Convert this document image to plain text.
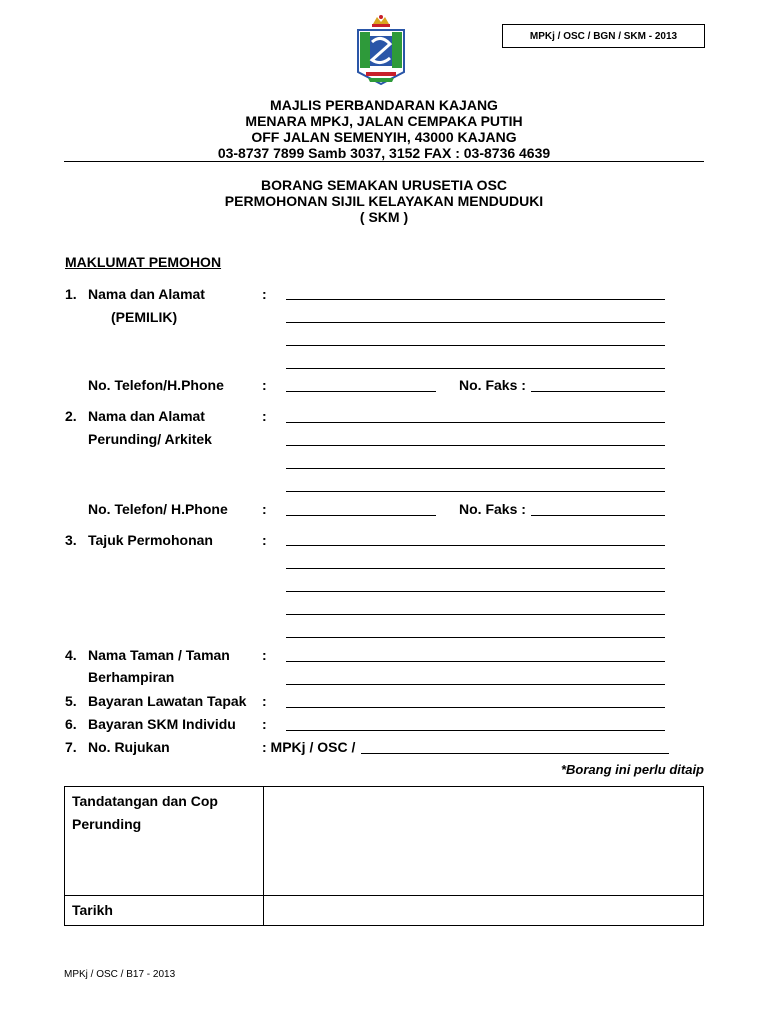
MPKj / OSC / BGN / SKM - 2013
MAJLIS PERBANDARAN KAJANG
MENARA MPKJ, JALAN CEMPAKA PUTIH
OFF JALAN SEMENYIH, 43000 KAJANG
03-8737 7899 Samb 3037, 3152 FAX : 03-8736 4639
BORANG SEMAKAN URUSETIA OSC
PERMOHONAN SIJIL KELAYAKAN MENDUDUKI
( SKM )
MAKLUMAT PEMOHON
1. Nama dan Alamat
(PEMILIK)
:
No. Telefon/H.Phone	:	No. Faks :
2. Nama dan Alamat
Perunding/ Arkitek
:
No. Telefon/ H.Phone :	No. Faks :
3. Tajuk Permohonan	:
4. Nama Taman / Taman
Berhampiran
:
5. Bayaran Lawatan Tapak :
6. Bayaran SKM Individu :
7. No. Rujukan	: MPKj / OSC /
*Borang ini perlu ditaip
Tandatangan dan Cop
Perunding
Tarikh
MPKj / OSC / B17 - 2013
